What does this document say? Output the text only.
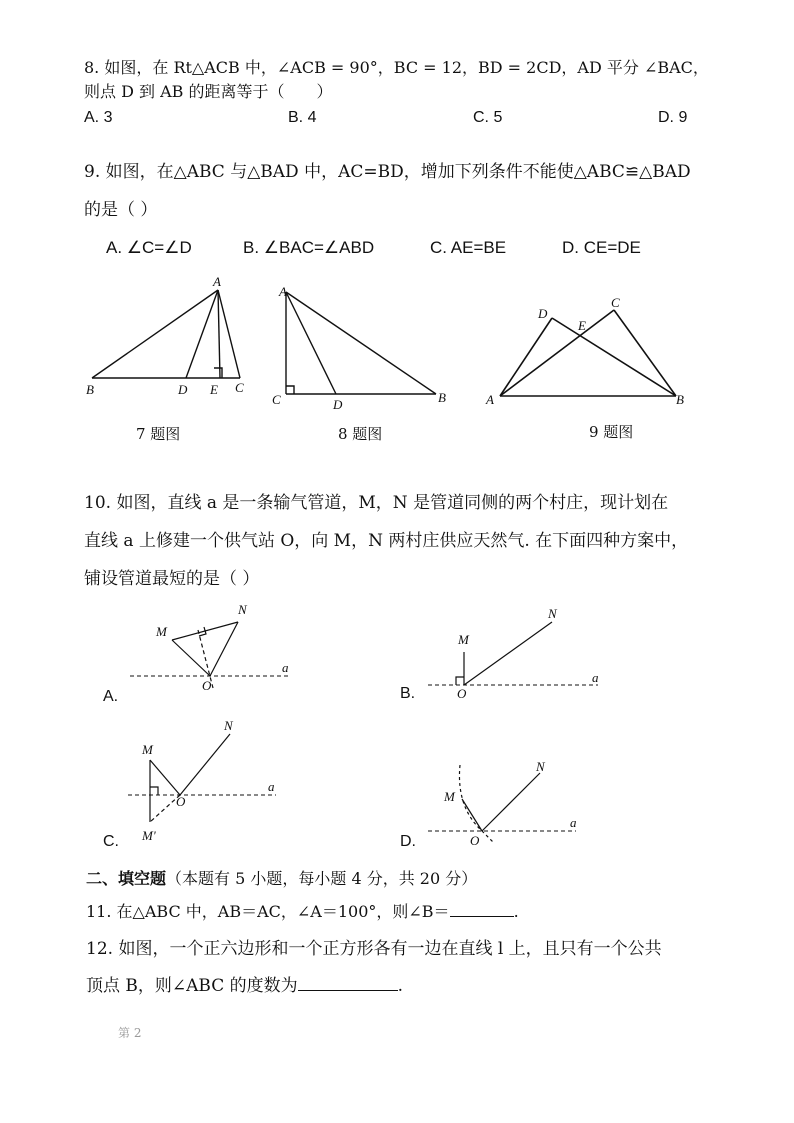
8. 如图，在 Rt△ACB 中，∠ACB = 90°，BC = 12，BD = 2CD，AD 平分 ∠BAC，
则点 D 到 AB 的距离等于（　　）
A. 3	B. 4	C. 5	D. 9
9. 如图，在△ABC 与△BAD 中，AC=BD，增加下列条件不能使△ABC≌△BAD
的是（ ）
A. ∠C=∠D	B. ∠BAC=∠ABD	C. AE=BE	D. CE=DE
A
B	D E C
7 题图
A
C	D	B
8 题图
D
E
C
A	B
9 题图
10. 如图，直线 a 是一条输气管道，M，N 是管道同侧的两个村庄，现计划在
直线 a 上修建一个供气站 O，向 M，N 两村庄供应天然气. 在下面四种方案中，
铺设管道最短的是（ ）
A.
M
N
O
a
B.
M
N
O
a
C.
M
N
O
a
M'	D.
M
N
O
a
二、填空题（本题有 5 小题，每小题 4 分，共 20 分）
11. 在△ABC 中，AB＝AC，∠A＝100°，则∠B＝	.
12. 如图，一个正六边形和一个正方形各有一边在直线 l 上，且只有一个公共
顶点 B，则∠ABC 的度数为	.
第 2
